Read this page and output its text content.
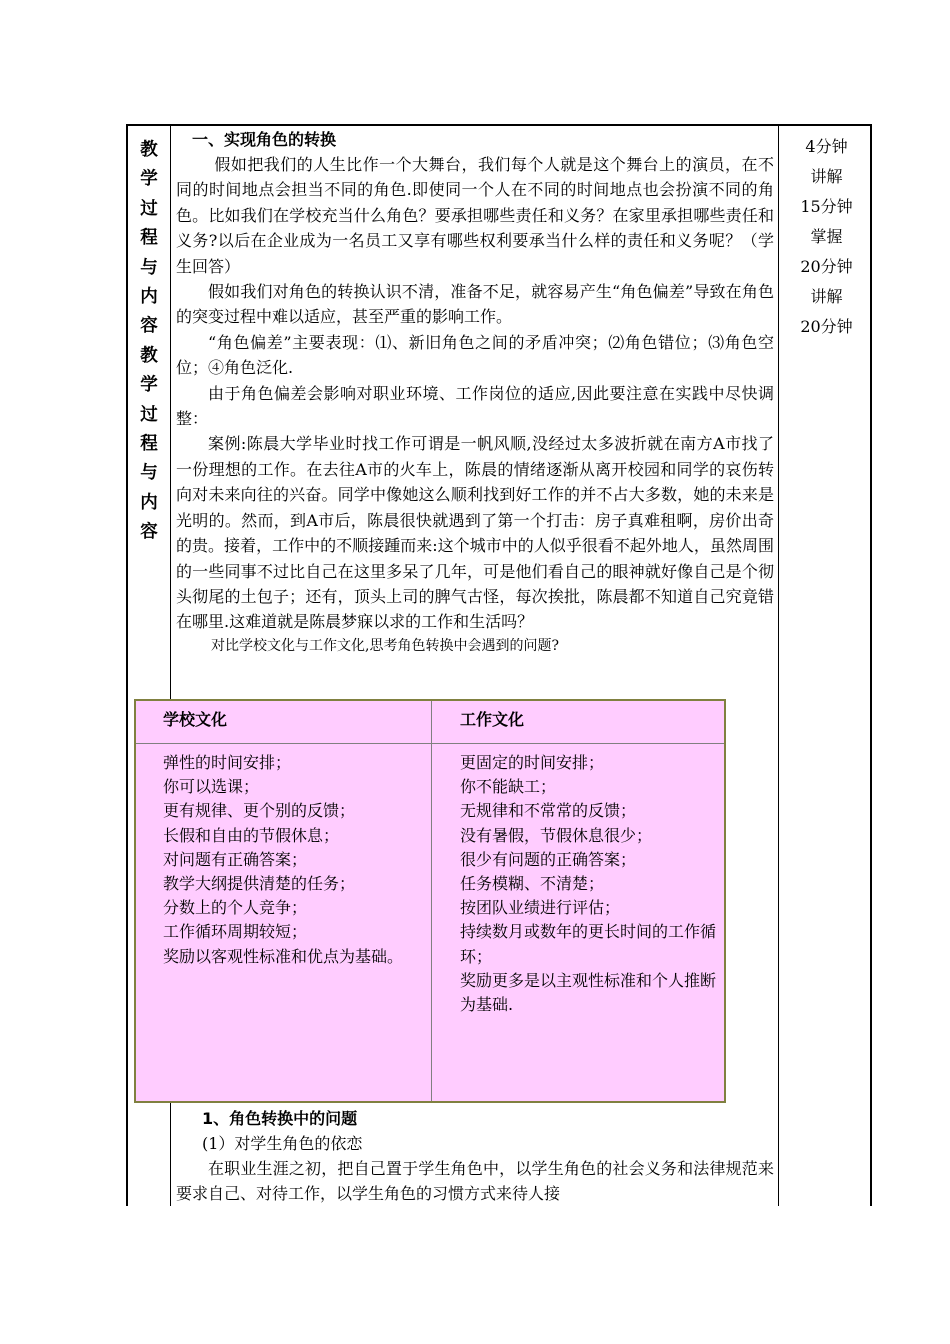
教
学
过
程
与
内
容
教
学
过
程
与
内
容
4分钟
讲解
15分钟
掌握
20分钟
讲解
20分钟
一、实现角色的转换

假如把我们的人生比作一个大舞台，我们每个人就是这个舞台上的演员，在不同的时间地点会担当不同的角色.即使同一个人在不同的时间地点也会扮演不同的角色。比如我们在学校充当什么角色？要承担哪些责任和义务？在家里承担哪些责任和义务?以后在企业成为一名员工又享有哪些权利要承当什么样的责任和义务呢？（学生回答）

假如我们对角色的转换认识不清，准备不足，就容易产生“角色偏差”导致在角色的突变过程中难以适应，甚至严重的影响工作。

“角色偏差”主要表现：⑴、新旧角色之间的矛盾冲突；⑵角色错位；⑶角色空位；④角色泛化.

由于角色偏差会影响对职业环境、工作岗位的适应,因此要注意在实践中尽快调整：

案例:陈晨大学毕业时找工作可谓是一帆风顺,没经过太多波折就在南方A市找了一份理想的工作。在去往A市的火车上，陈晨的情绪逐渐从离开校园和同学的哀伤转向对未来向往的兴奋。同学中像她这么顺利找到好工作的并不占大多数，她的未来是光明的。然而，到A市后，陈晨很快就遇到了第一个打击：房子真难租啊，房价出奇的贵。接着，工作中的不顺接踵而来:这个城市中的人似乎很看不起外地人，虽然周围的一些同事不过比自己在这里多呆了几年，可是他们看自己的眼神就好像自己是个彻头彻尾的土包子；还有，顶头上司的脾气古怪，每次挨批，陈晨都不知道自己究竟错在哪里.这难道就是陈晨梦寐以求的工作和生活吗？

对比学校文化与工作文化,思考角色转换中会遇到的问题?

学校文化	工作文化
弹性的时间安排；
你可以选课；
更有规律、更个别的反馈；
长假和自由的节假休息；
对问题有正确答案；
教学大纲提供清楚的任务；
分数上的个人竞争；
工作循环周期较短；
奖励以客观性标准和优点为基础。
更固定的时间安排；
你不能缺工；
无规律和不常常的反馈；
没有暑假，节假休息很少；
很少有问题的正确答案；
任务模糊、不清楚；
按团队业绩进行评估；
持续数月或数年的更长时间的工作循环；
奖励更多是以主观性标准和个人推断为基础.
1、角色转换中的问题
(1）对学生角色的依恋

在职业生涯之初，把自己置于学生角色中，以学生角色的社会义务和法律规范来要求自己、对待工作，以学生角色的习惯方式来待人接
